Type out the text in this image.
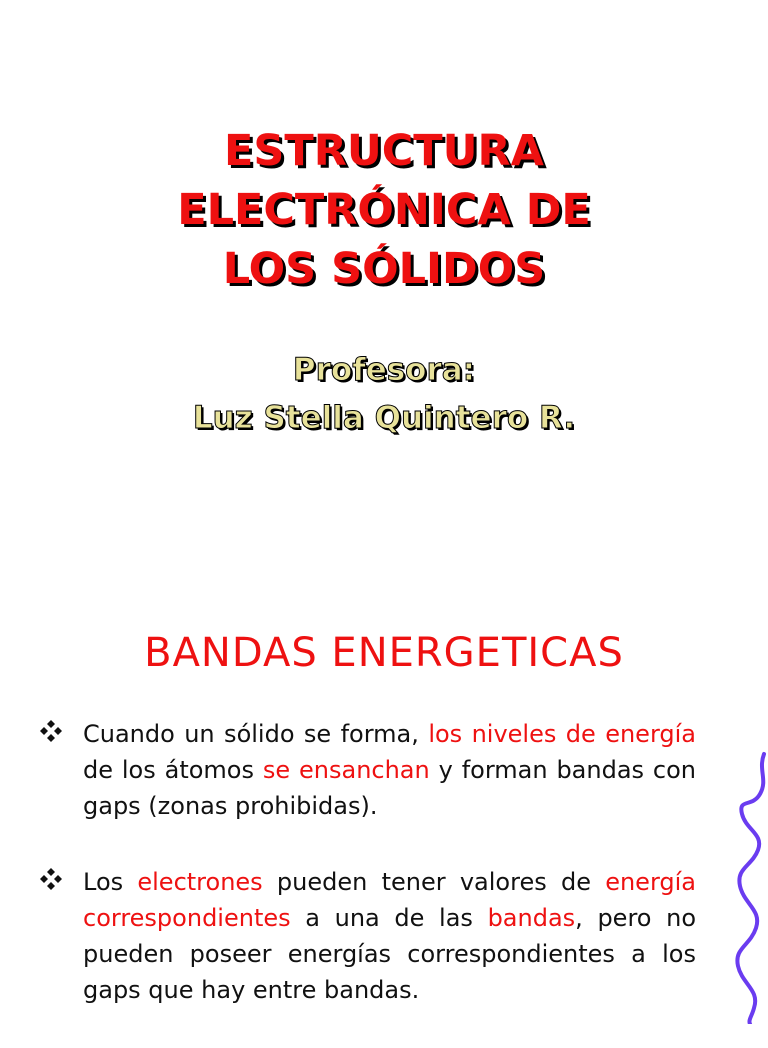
ESTRUCTURA
ELECTRÓNICA DE
LOS SÓLIDOS
Profesora:
Luz Stella Quintero R.
BANDAS ENERGETICAS
Cuando un sólido se forma, los niveles de energía de los átomos se ensanchan y forman bandas con gaps (zonas prohibidas).
Los electrones pueden tener valores de energía correspondientes a una de las bandas, pero no pueden poseer energías correspondientes a los gaps que hay entre bandas.
